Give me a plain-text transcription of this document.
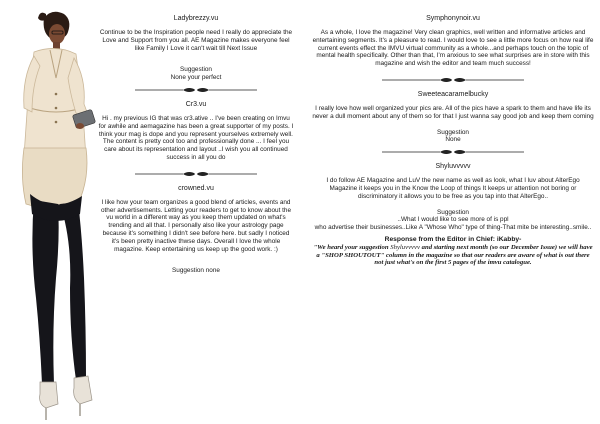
Ladybrezzy.vu
Continue to be the Inspiration people need I really do appreciate the Love and Support from you all. AE Magazine makes everyone feel like Family I Love it can't wait till Next Issue
Suggestion
None your perfect
Cr3.vu
Hi . my previous IG that was cr3.ative .. I've been creating on Imvu for awhile and aemagazine has been a great supporter of my posts. I think your mag is dope and you represent yourselves extremely well. The content is pretty cool too and professionally done ... I feel you care about its representation and layout ..I wish you all continued success in all you do
crowned.vu
I like how your team organizes a good blend of articles, events and other advertisements. Letting your readers to get to know about the vu world in a different way as you keep them updated on what's trending and all that. I personally also like your astrology page because it's something I didn't see before here. but sadly I noticed it's been pretty inactive thwse days. Overall I love the whole magazine. Keep entertaining us keep up the good work. :)
Suggestion none
Symphonynoir.vu
As a whole, I love the magazine! Very clean graphics, well written and informative articles and entertaining segments. It's a pleasure to read. I would love to see a little more focus on how real life current events effect the IMVU virtual community as a whole...and perhaps touch on the topic of mental health specifically. Other than that, I'm anxious to see what surprises are in store with this magazine and wish the editor and team much success!
Sweeteacaramelbucky
I really love how well organized your pics are. All of the pics have a spark to them and have life its never a dull moment about any of them so for that I just wanna say good job and keep them coming
Suggestion
None
Shyluvvvvv
I do follow AE Magazine and LuV the new name as well as look, what I luv about AlterEgo Magazine it keeps you in the Know the Loop of things It keeps ur attention not boring or discriminatory it allows you to be free as you tap into that AlterEgo..
Suggestion
..What I would like to see more of is ppl
who advertise their businesses..Like A "Whose Who" type of thing-That mite be interesting..smile..
Response from the Editor in Chief: iKabby-
"We heard your suggestion Shyluvvvvv and starting next month (so our December Issue) we will have a "SHOP SHOUTOUT" column in the magazine so that our readers are aware of what is out there not just what's on the first 5 pages of the imvu catalogue.
